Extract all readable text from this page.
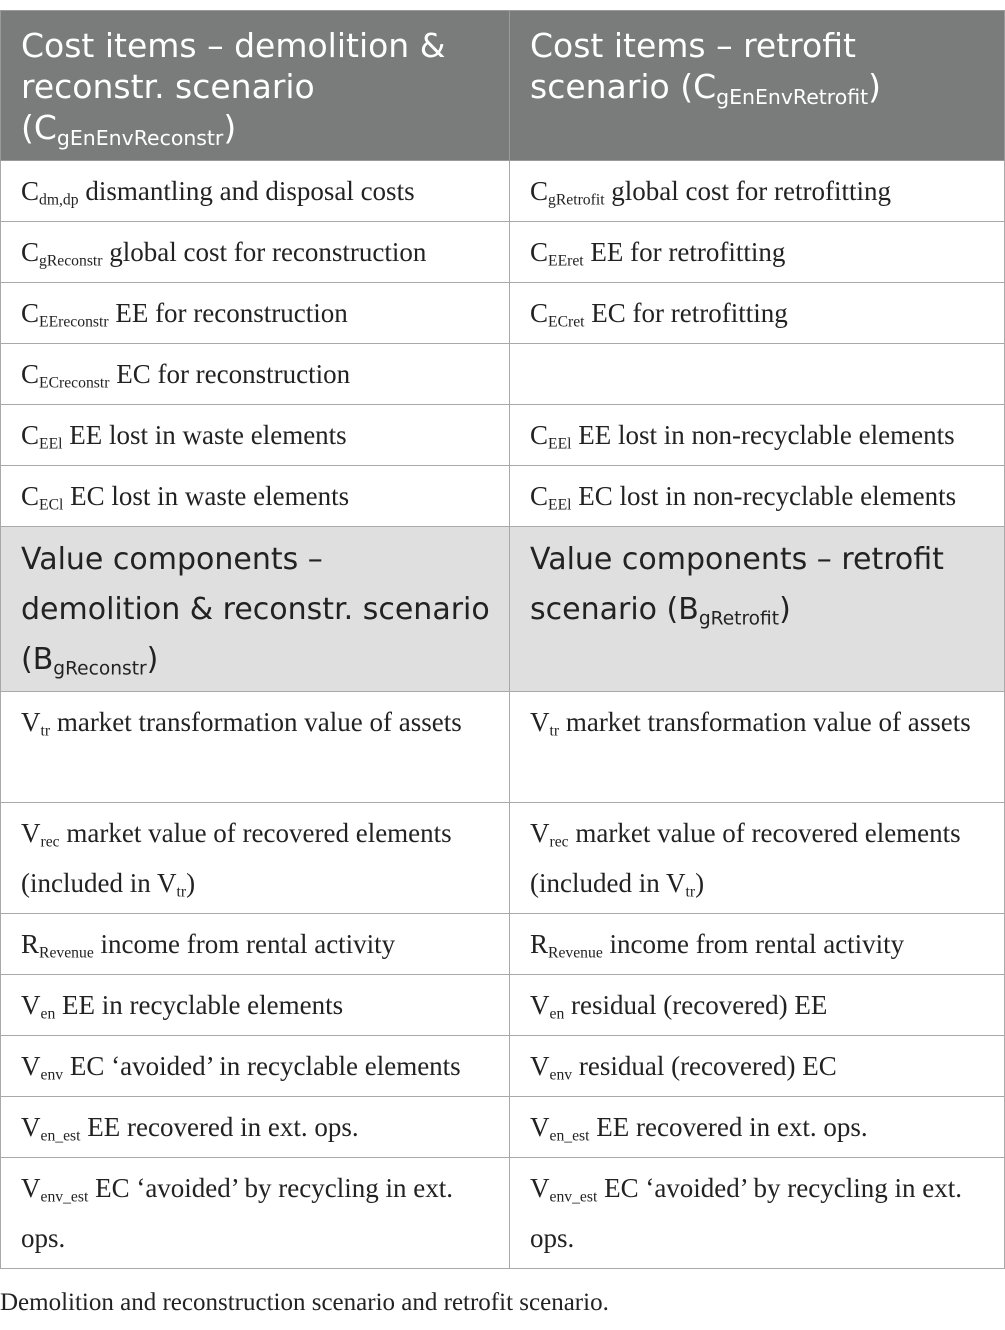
Cost items – demolition & reconstr. scenario $(C_{gEnEnvReconstr})$	Cost items – retrofit scenario $(C_{gEnEnvRetrofit})$
$C_{dm,dp}$ dismantling and disposal costs	$C_{gRetrofit}$ global cost for retrofitting
$C_{gReconstr}$ global cost for reconstruction	$C_{EEret}$ EE for retrofitting
$C_{EEreconstr}$ EE for reconstruction	$C_{ECret}$ EC for retrofitting
$C_{ECreconstr}$ EC for reconstruction	
$C_{EEl}$ EE lost in waste elements	$C_{EEl}$ EE lost in non-recyclable elements
$C_{ECl}$ EC lost in waste elements	$C_{EEl}$ EC lost in non-recyclable elements
Value components – demolition & reconstr. scenario $(B_{gReconstr})$	Value components – retrofit scenario $(B_{gRetrofit})$
$V_{tr}$ market transformation value of assets	$V_{tr}$ market transformation value of assets
$V_{rec}$ market value of recovered elements (included in $V_{tr}$)	$V_{rec}$ market value of recovered elements (included in $V_{tr}$)
$R_{Revenue}$ income from rental activity	$R_{Revenue}$ income from rental activity
$V_{en}$ EE in recyclable elements	$V_{en}$ residual (recovered) EE
$V_{env}$ EC ‘avoided’ in recyclable elements	$V_{env}$ residual (recovered) EC
$V_{en\_est}$ EE recovered in ext. ops.	$V_{en\_est}$ EE recovered in ext. ops.
$V_{env\_est}$ EC ‘avoided’ by recycling in ext. ops.	$V_{env\_est}$ EC ‘avoided’ by recycling in ext. ops.
Demolition and reconstruction scenario and retrofit scenario.
